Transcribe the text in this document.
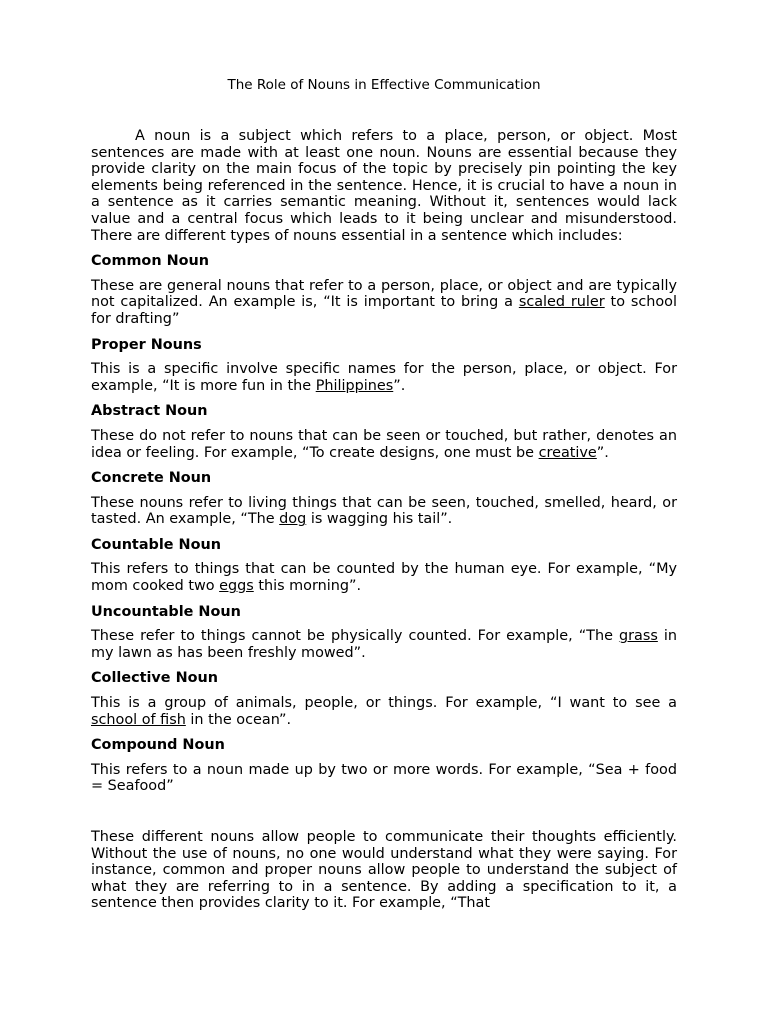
The Role of Nouns in Effective Communication

A noun is a subject which refers to a place, person, or object. Most sentences are made with at least one noun. Nouns are essential because they provide clarity on the main focus of the topic by precisely pin pointing the key elements being referenced in the sentence. Hence, it is crucial to have a noun in a sentence as it carries semantic meaning. Without it, sentences would lack value and a central focus which leads to it being unclear and misunderstood. There are different types of nouns essential in a sentence which includes:

Common Noun

These are general nouns that refer to a person, place, or object and are typically not capitalized. An example is, “It is important to bring a scaled ruler to school for drafting”

Proper Nouns

This is a specific involve specific names for the person, place, or object. For example, “It is more fun in the Philippines”.

Abstract Noun

These do not refer to nouns that can be seen or touched, but rather, denotes an idea or feeling. For example, “To create designs, one must be creative”.

Concrete Noun

These nouns refer to living things that can be seen, touched, smelled, heard, or tasted. An example, “The dog is wagging his tail”.

Countable Noun

This refers to things that can be counted by the human eye. For example, “My mom cooked two eggs this morning”.

Uncountable Noun

These refer to things cannot be physically counted. For example, “The grass in my lawn as has been freshly mowed”.

Collective Noun

This is a group of animals, people, or things. For example, “I want to see a school of fish in the ocean”.

Compound Noun

This refers to a noun made up by two or more words. For example, “Sea + food = Seafood”

These different nouns allow people to communicate their thoughts efficiently. Without the use of nouns, no one would understand what they were saying. For instance, common and proper nouns allow people to understand the subject of what they are referring to in a sentence. By adding a specification to it, a sentence then provides clarity to it. For example, “That
